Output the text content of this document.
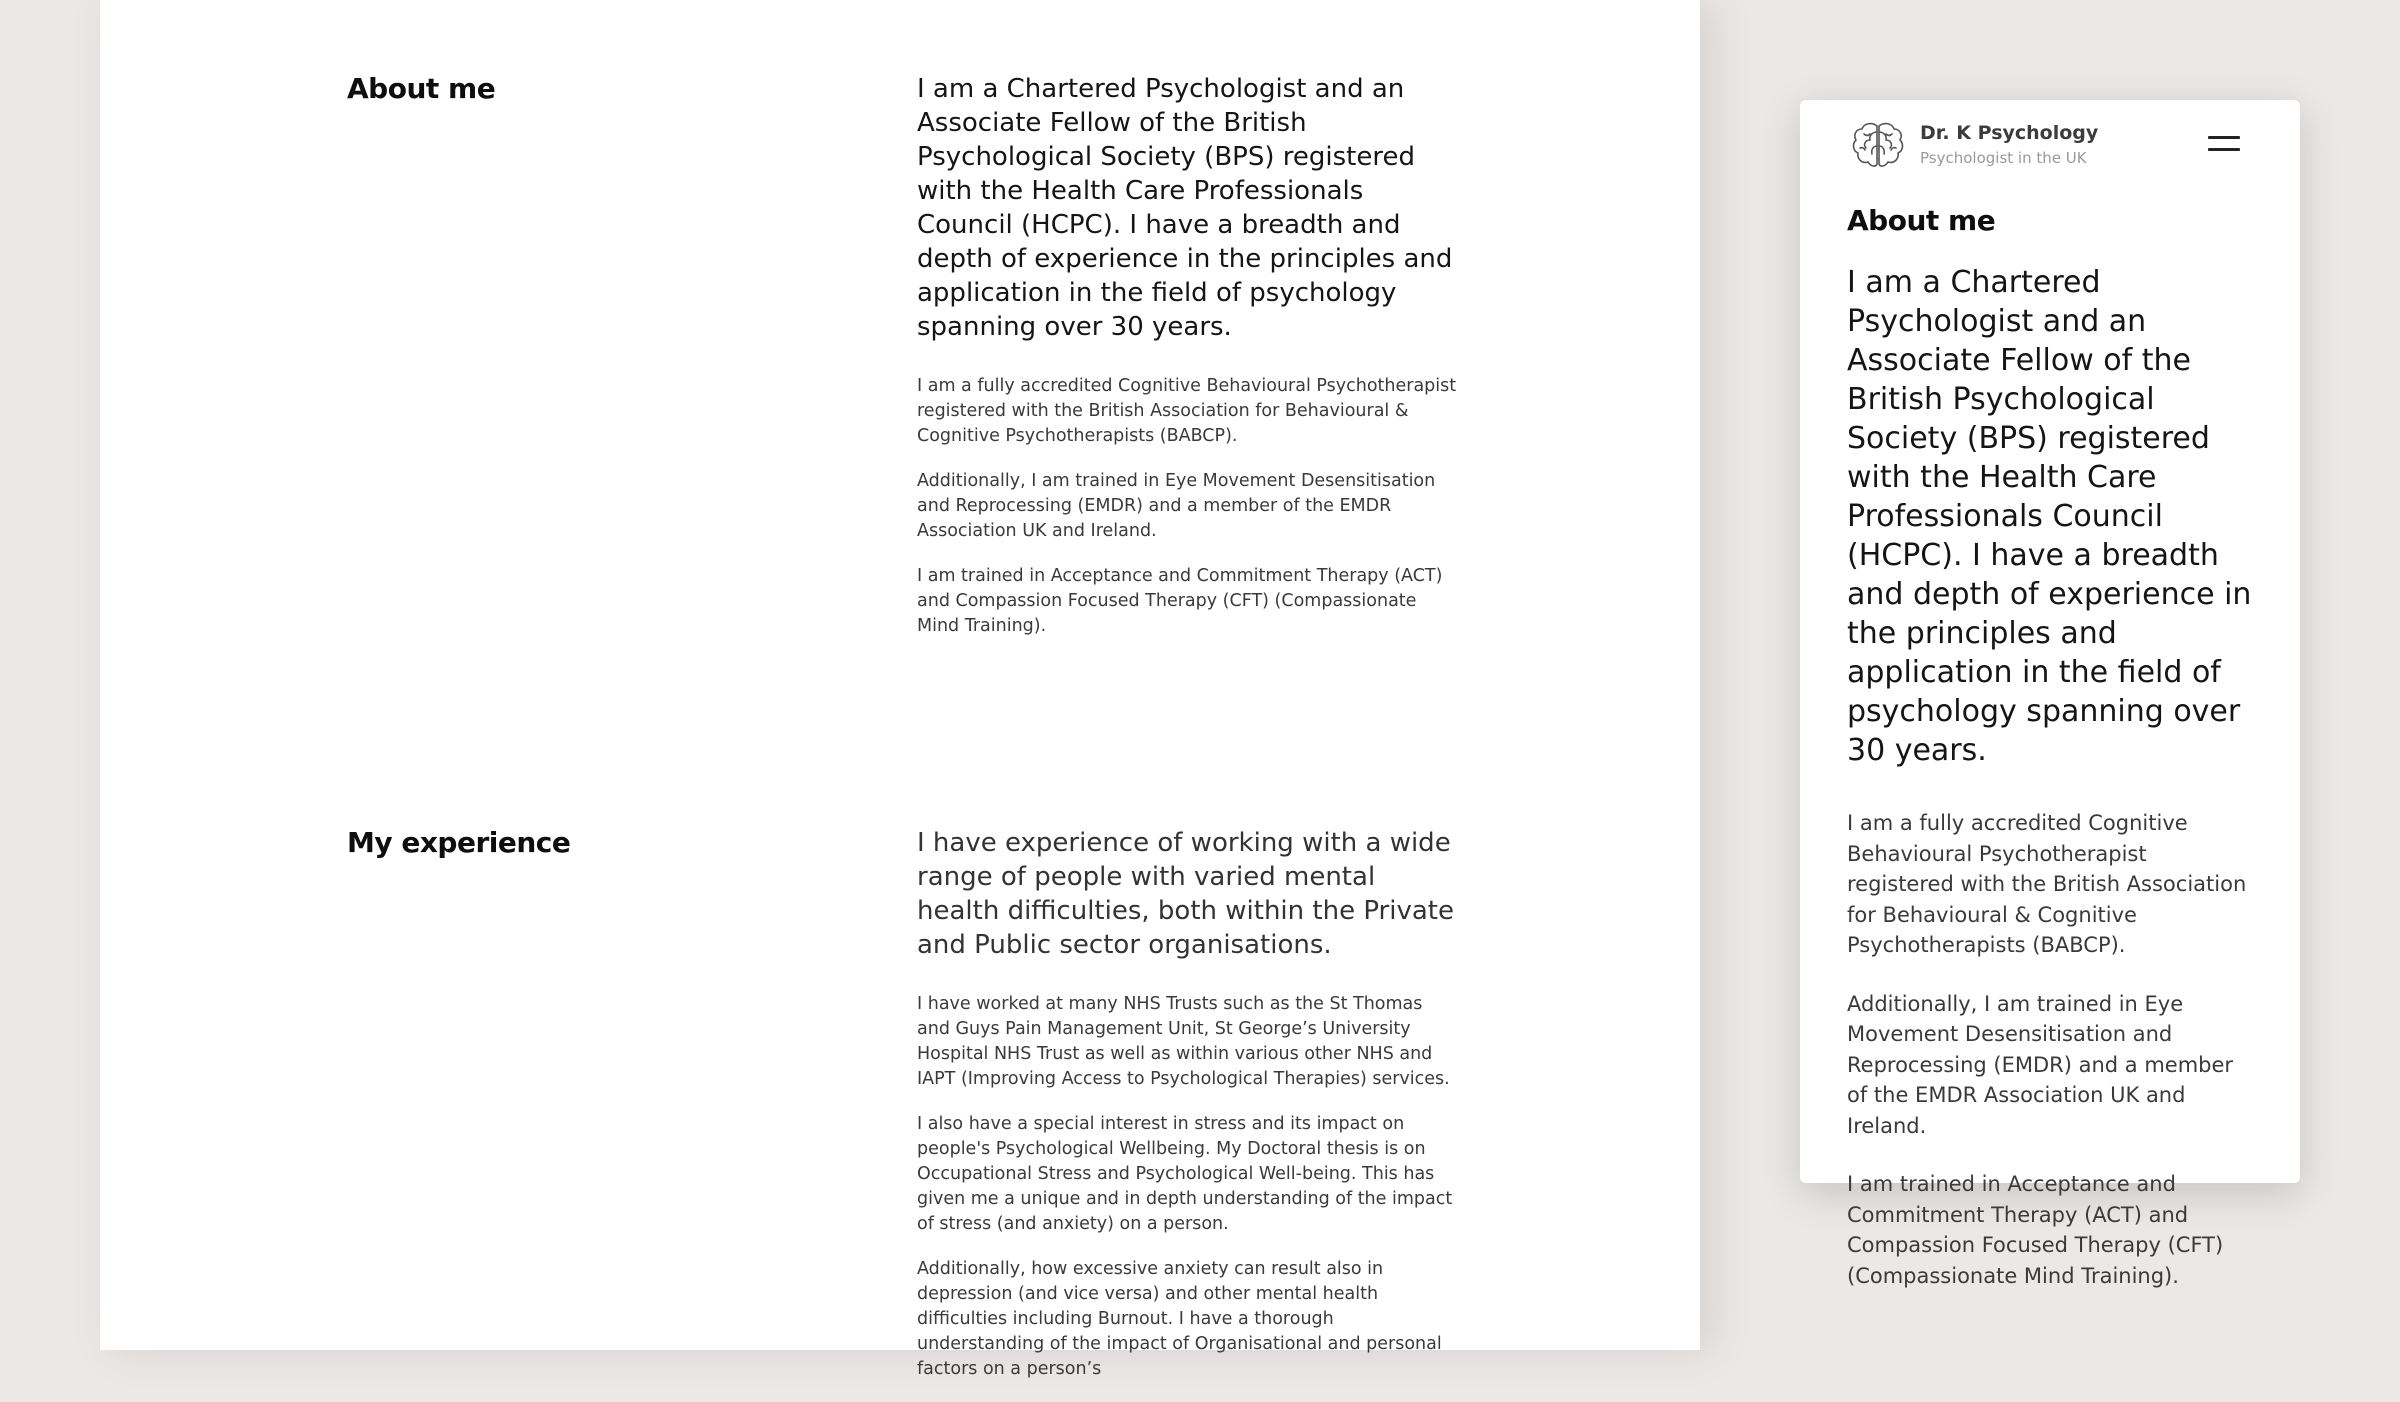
About me	I am a Chartered Psychologist and an Associate Fellow of the British Psychological Society (BPS) registered with the Health Care Professionals Council (HCPC). I have a breadth and depth of experience in the principles and application in the field of psychology spanning over 30 years.

I am a fully accredited Cognitive Behavioural Psychotherapist registered with the British Association for Behavioural & Cognitive Psychotherapists (BABCP).

Additionally, I am trained in Eye Movement Desensitisation and Reprocessing (EMDR) and a member of the EMDR Association UK and Ireland.

I am trained in Acceptance and Commitment Therapy (ACT) and Compassion Focused Therapy (CFT) (Compassionate Mind Training).

My experience	I have experience of working with a wide range of people with varied mental health difficulties, both within the Private and Public sector organisations.

I have worked at many NHS Trusts such as the St Thomas and Guys Pain Management Unit, St George’s University Hospital NHS Trust as well as within various other NHS and IAPT (Improving Access to Psychological Therapies) services.

I also have a special interest in stress and its impact on people's Psychological Wellbeing. My Doctoral thesis is on Occupational Stress and Psychological Well-being. This has given me a unique and in depth understanding of the impact of stress (and anxiety) on a person.

Additionally, how excessive anxiety can result also in depression (and vice versa) and other mental health difficulties including Burnout. I have a thorough understanding of the impact of Organisational and personal factors on a person’s

Dr. K Psychology
Psychologist in the UK
About me

I am a Chartered Psychologist and an Associate Fellow of the British Psychological Society (BPS) registered with the Health Care Professionals Council (HCPC). I have a breadth and depth of experience in the principles and application in the field of psychology spanning over 30 years.

I am a fully accredited Cognitive Behavioural Psychotherapist registered with the British Association for Behavioural & Cognitive Psychotherapists (BABCP).

Additionally, I am trained in Eye Movement Desensitisation and Reprocessing (EMDR) and a member of the EMDR Association UK and Ireland.

I am trained in Acceptance and Commitment Therapy (ACT) and Compassion Focused Therapy (CFT) (Compassionate Mind Training).
